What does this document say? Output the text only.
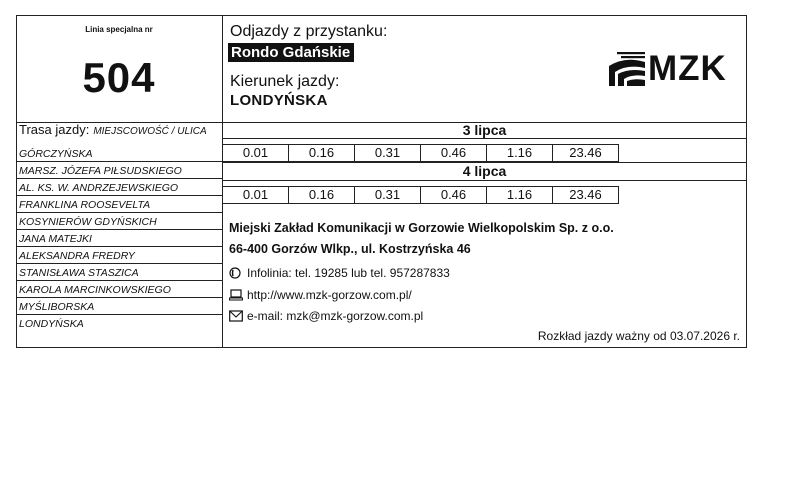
Linia specjalna nr
504
Odjazdy z przystanku:
Rondo Gdańskie
Kierunek jazdy:
LONDYŃSKA
MZK
Trasa jazdy: MIEJSCOWOŚĆ / ULICA
GÓRCZYŃSKA
MARSZ. JÓZEFA PIŁSUDSKIEGO
AL. KS. W. ANDRZEJEWSKIEGO
FRANKLINA ROOSEVELTA
KOSYNIERÓW GDYŃSKICH
JANA MATEJKI
ALEKSANDRA FREDRY
STANISŁAWA STASZICA
KAROLA MARCINKOWSKIEGO
MYŚLIBORSKA
LONDYŃSKA
3 lipca
0.01	0.16	0.31	0.46	1.16	23.46
4 lipca
0.01	0.16	0.31	0.46	1.16	23.46
Miejski Zakład Komunikacji w Gorzowie Wielkopolskim Sp. z o.o.
66-400 Gorzów Wlkp., ul. Kostrzyńska 46
Infolinia: tel. 19285 lub tel. 957287833
http://www.mzk-gorzow.com.pl/
e-mail: mzk@mzk-gorzow.com.pl
Rozkład jazdy ważny od 03.07.2026 r.
